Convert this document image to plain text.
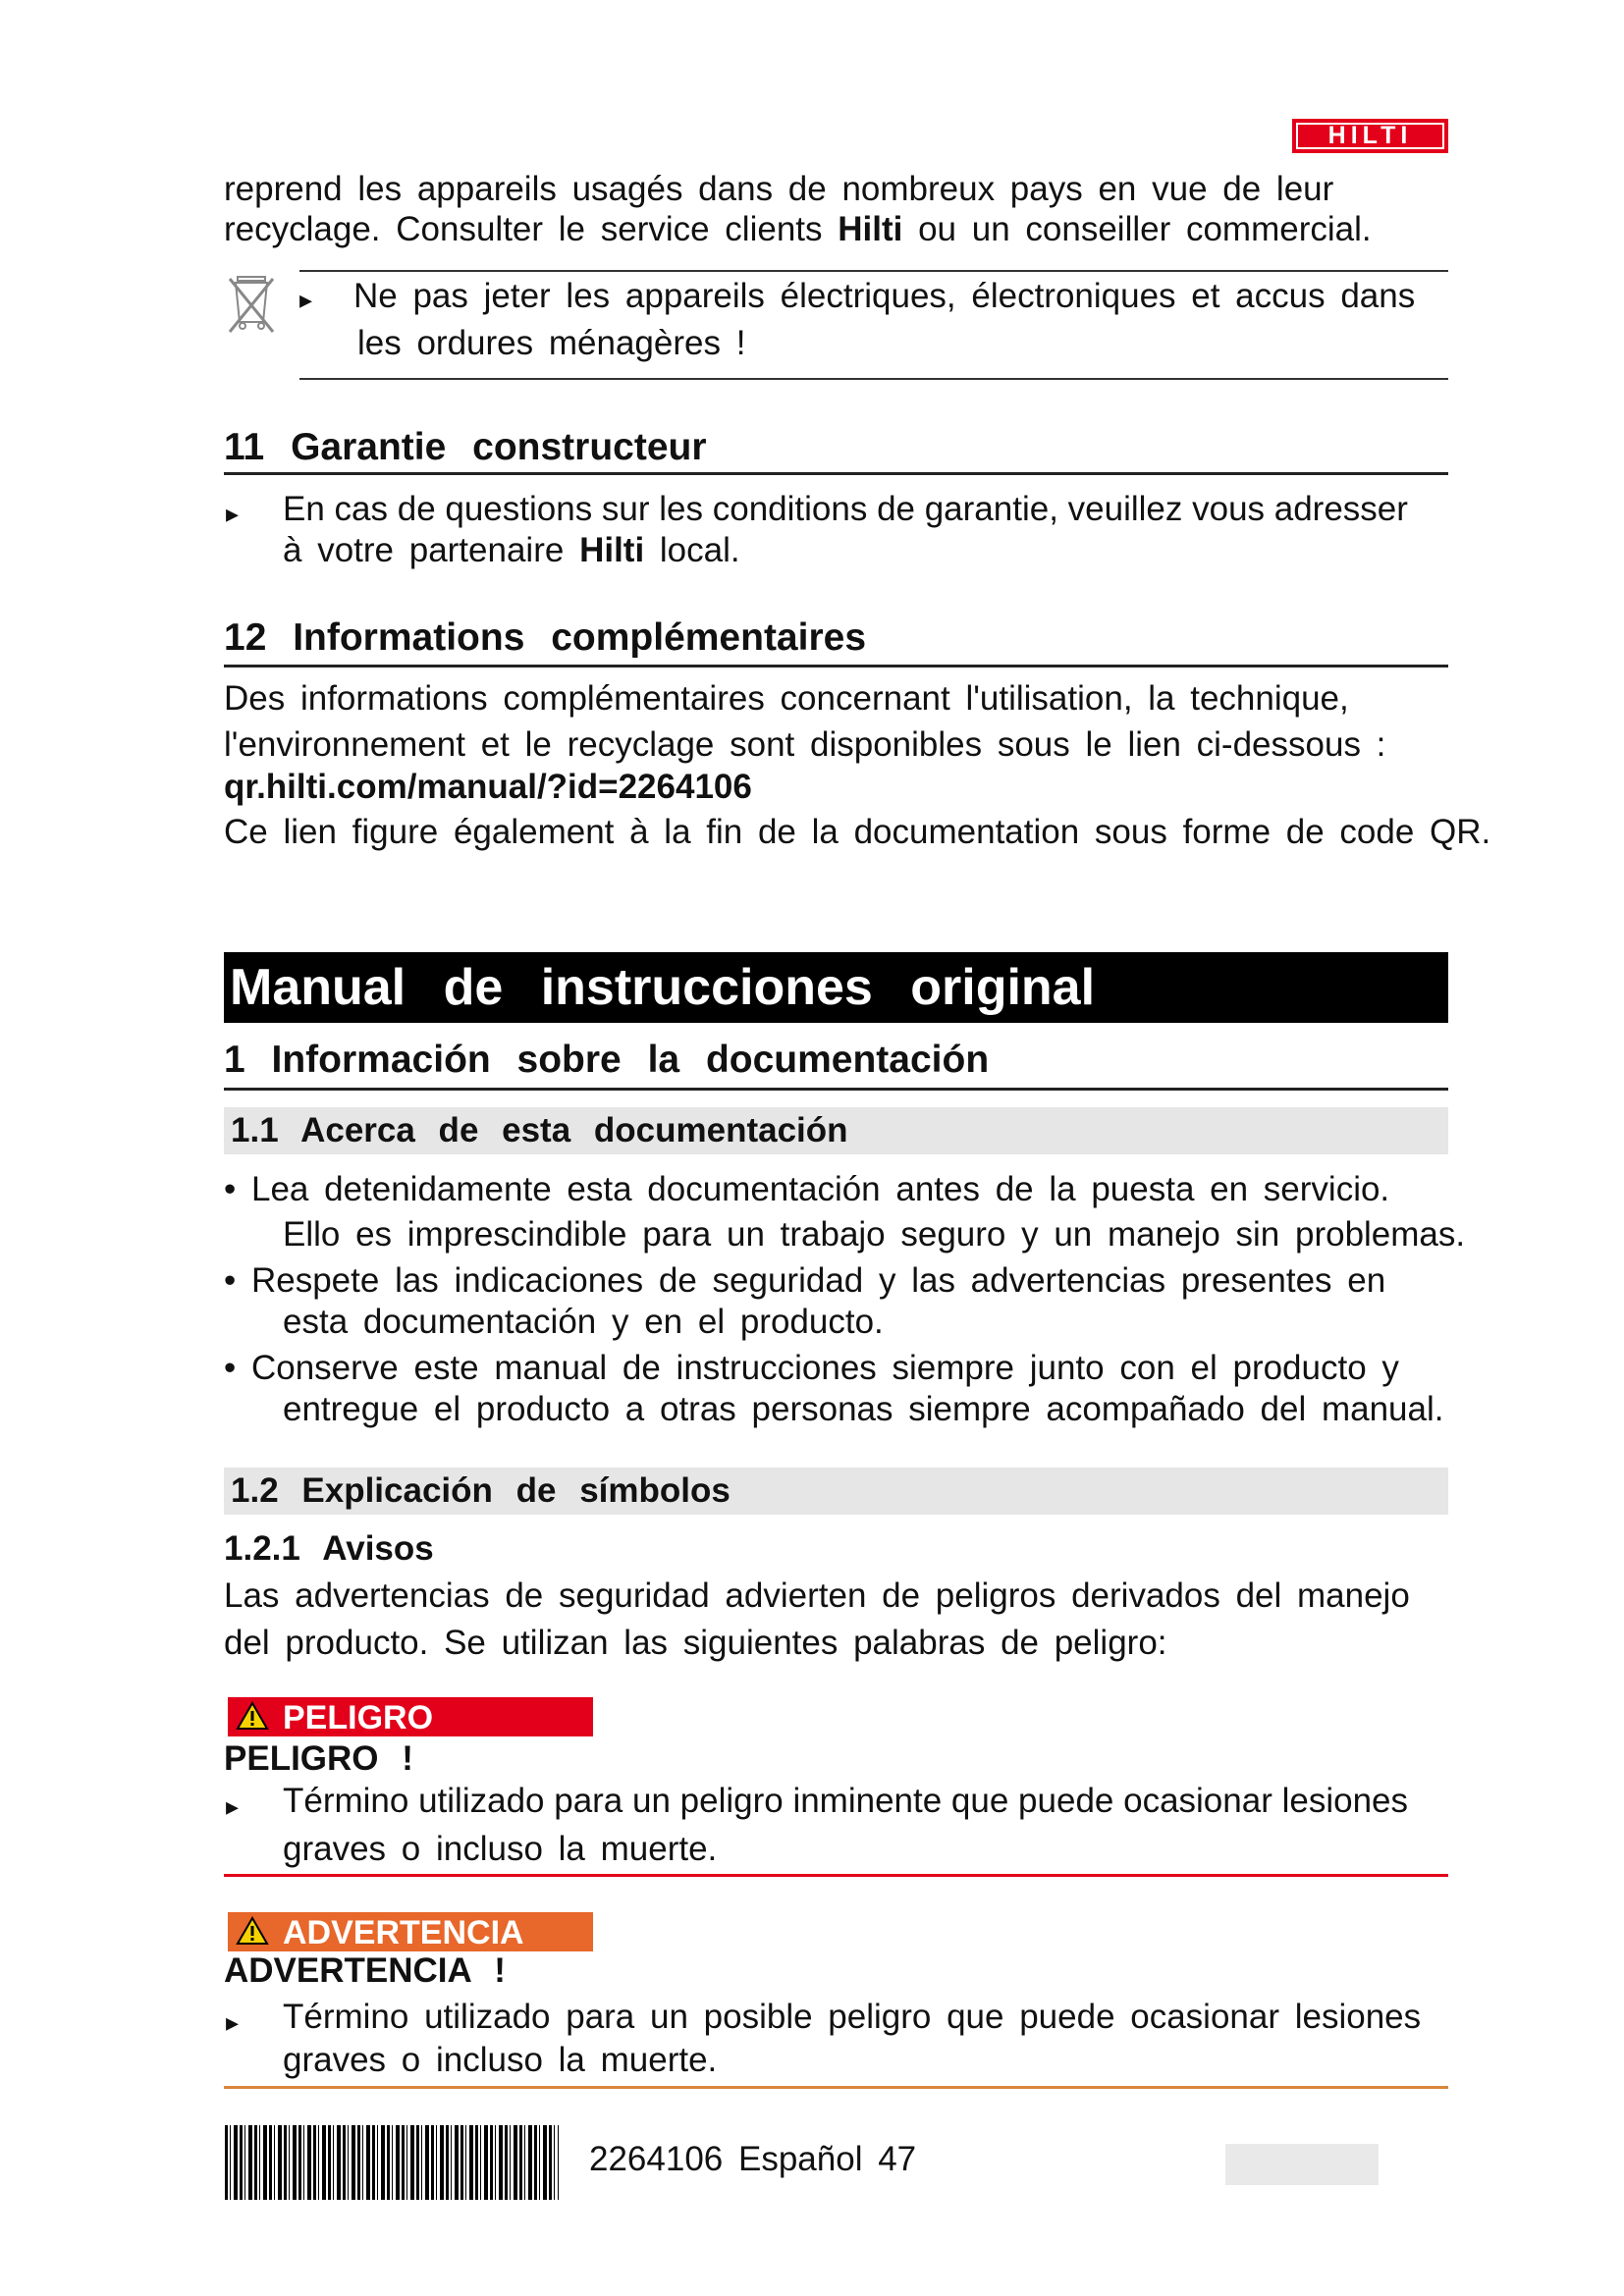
HILTI
reprend les appareils usagés dans de nombreux pays en vue de leur
recyclage. Consulter le service clients Hilti ou un conseiller commercial.
▸ Ne pas jeter les appareils électriques, électroniques et accus dans
les ordures ménagères !
11 Garantie constructeur
▸ En cas de questions sur les conditions de garantie, veuillez vous adresser
à votre partenaire Hilti local.
12 Informations complémentaires
Des informations complémentaires concernant l'utilisation, la technique,
l'environnement et le recyclage sont disponibles sous le lien ci-dessous :
qr.hilti.com/manual/?id=2264106
Ce lien figure également à la fin de la documentation sous forme de code QR.
Manual de instrucciones original
1 Información sobre la documentación
1.1 Acerca de esta documentación
• Lea detenidamente esta documentación antes de la puesta en servicio.
Ello es imprescindible para un trabajo seguro y un manejo sin problemas.
• Respete las indicaciones de seguridad y las advertencias presentes en
esta documentación y en el producto.
• Conserve este manual de instrucciones siempre junto con el producto y
entregue el producto a otras personas siempre acompañado del manual.
1.2 Explicación de símbolos
1.2.1 Avisos
Las advertencias de seguridad advierten de peligros derivados del manejo
del producto. Se utilizan las siguientes palabras de peligro:
PELIGRO
PELIGRO !
▸ Término utilizado para un peligro inminente que puede ocasionar lesiones
graves o incluso la muerte.
ADVERTENCIA
ADVERTENCIA !
▸ Término utilizado para un posible peligro que puede ocasionar lesiones
graves o incluso la muerte.
2264106 Español 47
